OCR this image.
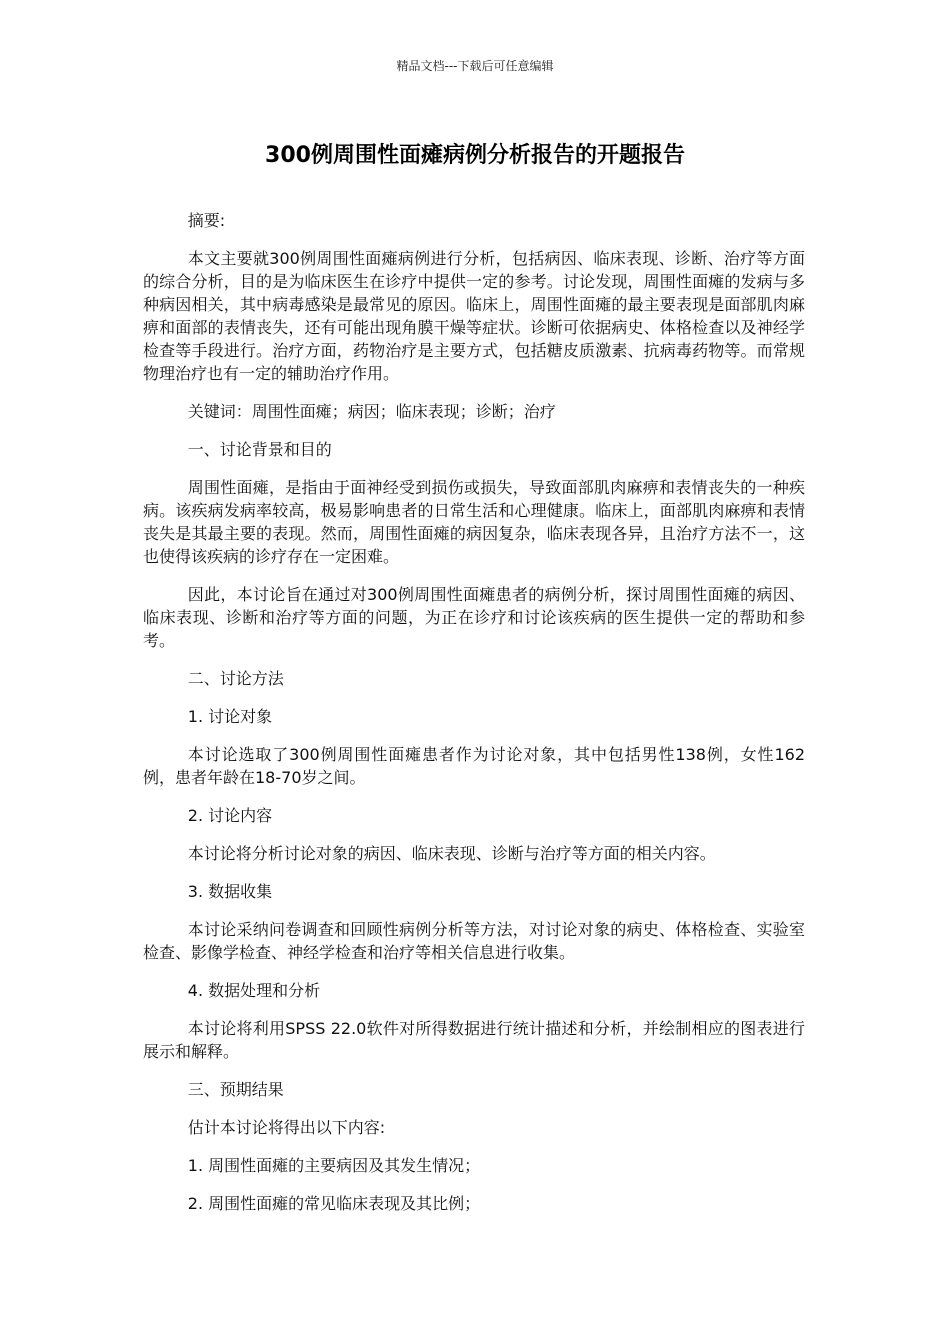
精品文档---下载后可任意编辑
300例周围性面瘫病例分析报告的开题报告

摘要:

本文主要就300例周围性面瘫病例进行分析，包括病因、临床表现、诊断、治疗等方面的综合分析，目的是为临床医生在诊疗中提供一定的参考。讨论发现，周围性面瘫的发病与多种病因相关，其中病毒感染是最常见的原因。临床上，周围性面瘫的最主要表现是面部肌肉麻痹和面部的表情丧失，还有可能出现角膜干燥等症状。诊断可依据病史、体格检查以及神经学检查等手段进行。治疗方面，药物治疗是主要方式，包括糖皮质激素、抗病毒药物等。而常规物理治疗也有一定的辅助治疗作用。

关键词：周围性面瘫；病因；临床表现；诊断；治疗

一、讨论背景和目的

周围性面瘫，是指由于面神经受到损伤或损失，导致面部肌肉麻痹和表情丧失的一种疾病。该疾病发病率较高，极易影响患者的日常生活和心理健康。临床上，面部肌肉麻痹和表情丧失是其最主要的表现。然而，周围性面瘫的病因复杂，临床表现各异，且治疗方法不一，这也使得该疾病的诊疗存在一定困难。

因此，本讨论旨在通过对300例周围性面瘫患者的病例分析，探讨周围性面瘫的病因、临床表现、诊断和治疗等方面的问题，为正在诊疗和讨论该疾病的医生提供一定的帮助和参考。

二、讨论方法

1. 讨论对象

本讨论选取了300例周围性面瘫患者作为讨论对象，其中包括男性138例，女性162例，患者年龄在18-70岁之间。

2. 讨论内容

本讨论将分析讨论对象的病因、临床表现、诊断与治疗等方面的相关内容。

3. 数据收集

本讨论采纳问卷调查和回顾性病例分析等方法，对讨论对象的病史、体格检查、实验室检查、影像学检查、神经学检查和治疗等相关信息进行收集。

4. 数据处理和分析

本讨论将利用SPSS 22.0软件对所得数据进行统计描述和分析，并绘制相应的图表进行展示和解释。

三、预期结果

估计本讨论将得出以下内容:

1. 周围性面瘫的主要病因及其发生情况；

2. 周围性面瘫的常见临床表现及其比例；
